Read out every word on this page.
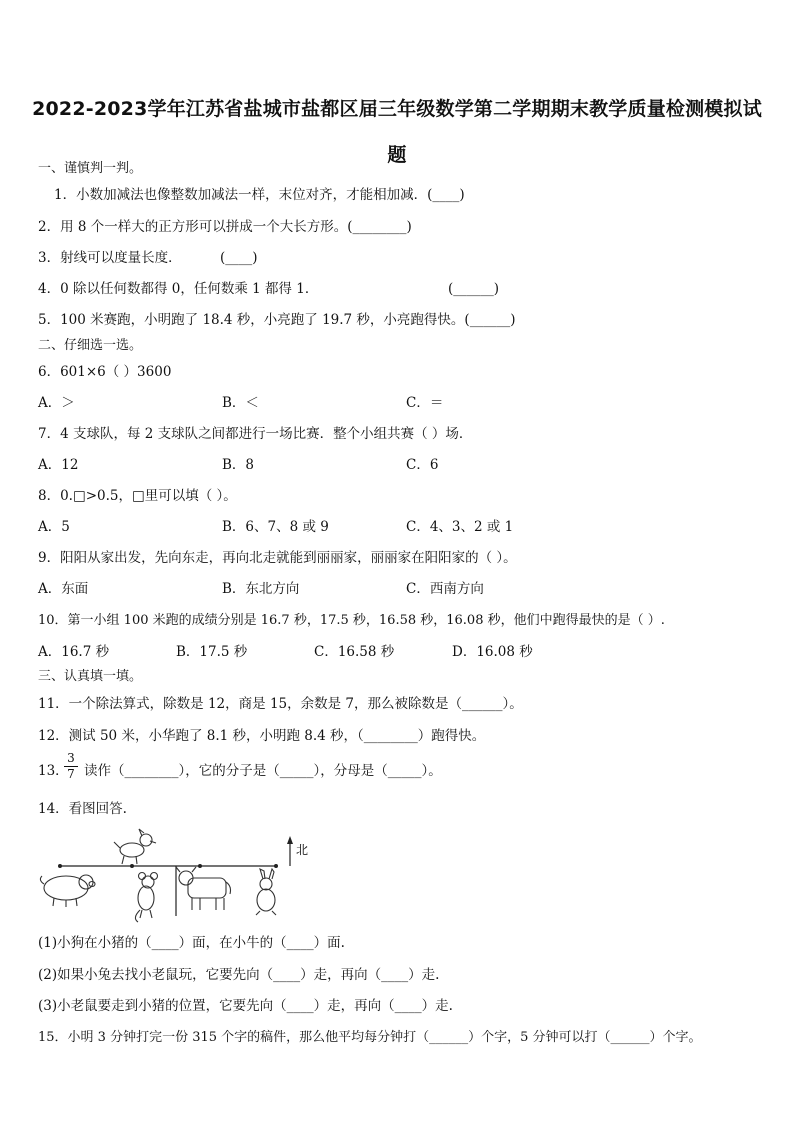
2022-2023学年江苏省盐城市盐都区届三年级数学第二学期期末教学质量检测模拟试题
一、谨慎判一判。
1．小数加减法也像整数加减法一样，末位对齐，才能相加减．(____)
2．用 8 个一样大的正方形可以拼成一个大长方形。(________)
3．射线可以度量长度．	(____)
4．0 除以任何数都得 0，任何数乘 1 都得 1．	(______)
5．100 米赛跑，小明跑了 18.4 秒，小亮跑了 19.7 秒，小亮跑得快。(______)
二、仔细选一选。
6．601×6（ ）3600
A．＞	B．＜	C．＝
7．4 支球队，每 2 支球队之间都进行一场比赛．整个小组共赛（ ）场．
A．12	B．8	C．6
8．0.□>0.5，□里可以填（ ）。
A．5	B．6、7、8 或 9	C．4、3、2 或 1
9．阳阳从家出发，先向东走，再向北走就能到丽丽家，丽丽家在阳阳家的（ ）。
A．东面	B．东北方向	C．西南方向
10．第一小组 100 米跑的成绩分别是 16.7 秒，17.5 秒，16.58 秒，16.08 秒，他们中跑得最快的是（ ）.
A．16.7 秒	B．17.5 秒	C．16.58 秒	D．16.08 秒
三、认真填一填。
11．一个除法算式，除数是 12，商是 15，余数是 7，那么被除数是（______）。
12．测试 50 米，小华跑了 8.1 秒，小明跑 8.4 秒，（________）跑得快。
13．
3
7 读作（________），它的分子是（_____），分母是（_____）。
14．看图回答.
北
(1)小狗在小猪的（____）面，在小牛的（____）面.
(2)如果小兔去找小老鼠玩，它要先向（____）走，再向（____）走.
(3)小老鼠要走到小猪的位置，它要先向（____）走，再向（____）走.
15．小明 3 分钟打完一份 315 个字的稿件，那么他平均每分钟打（______）个字，5 分钟可以打（______）个字。
